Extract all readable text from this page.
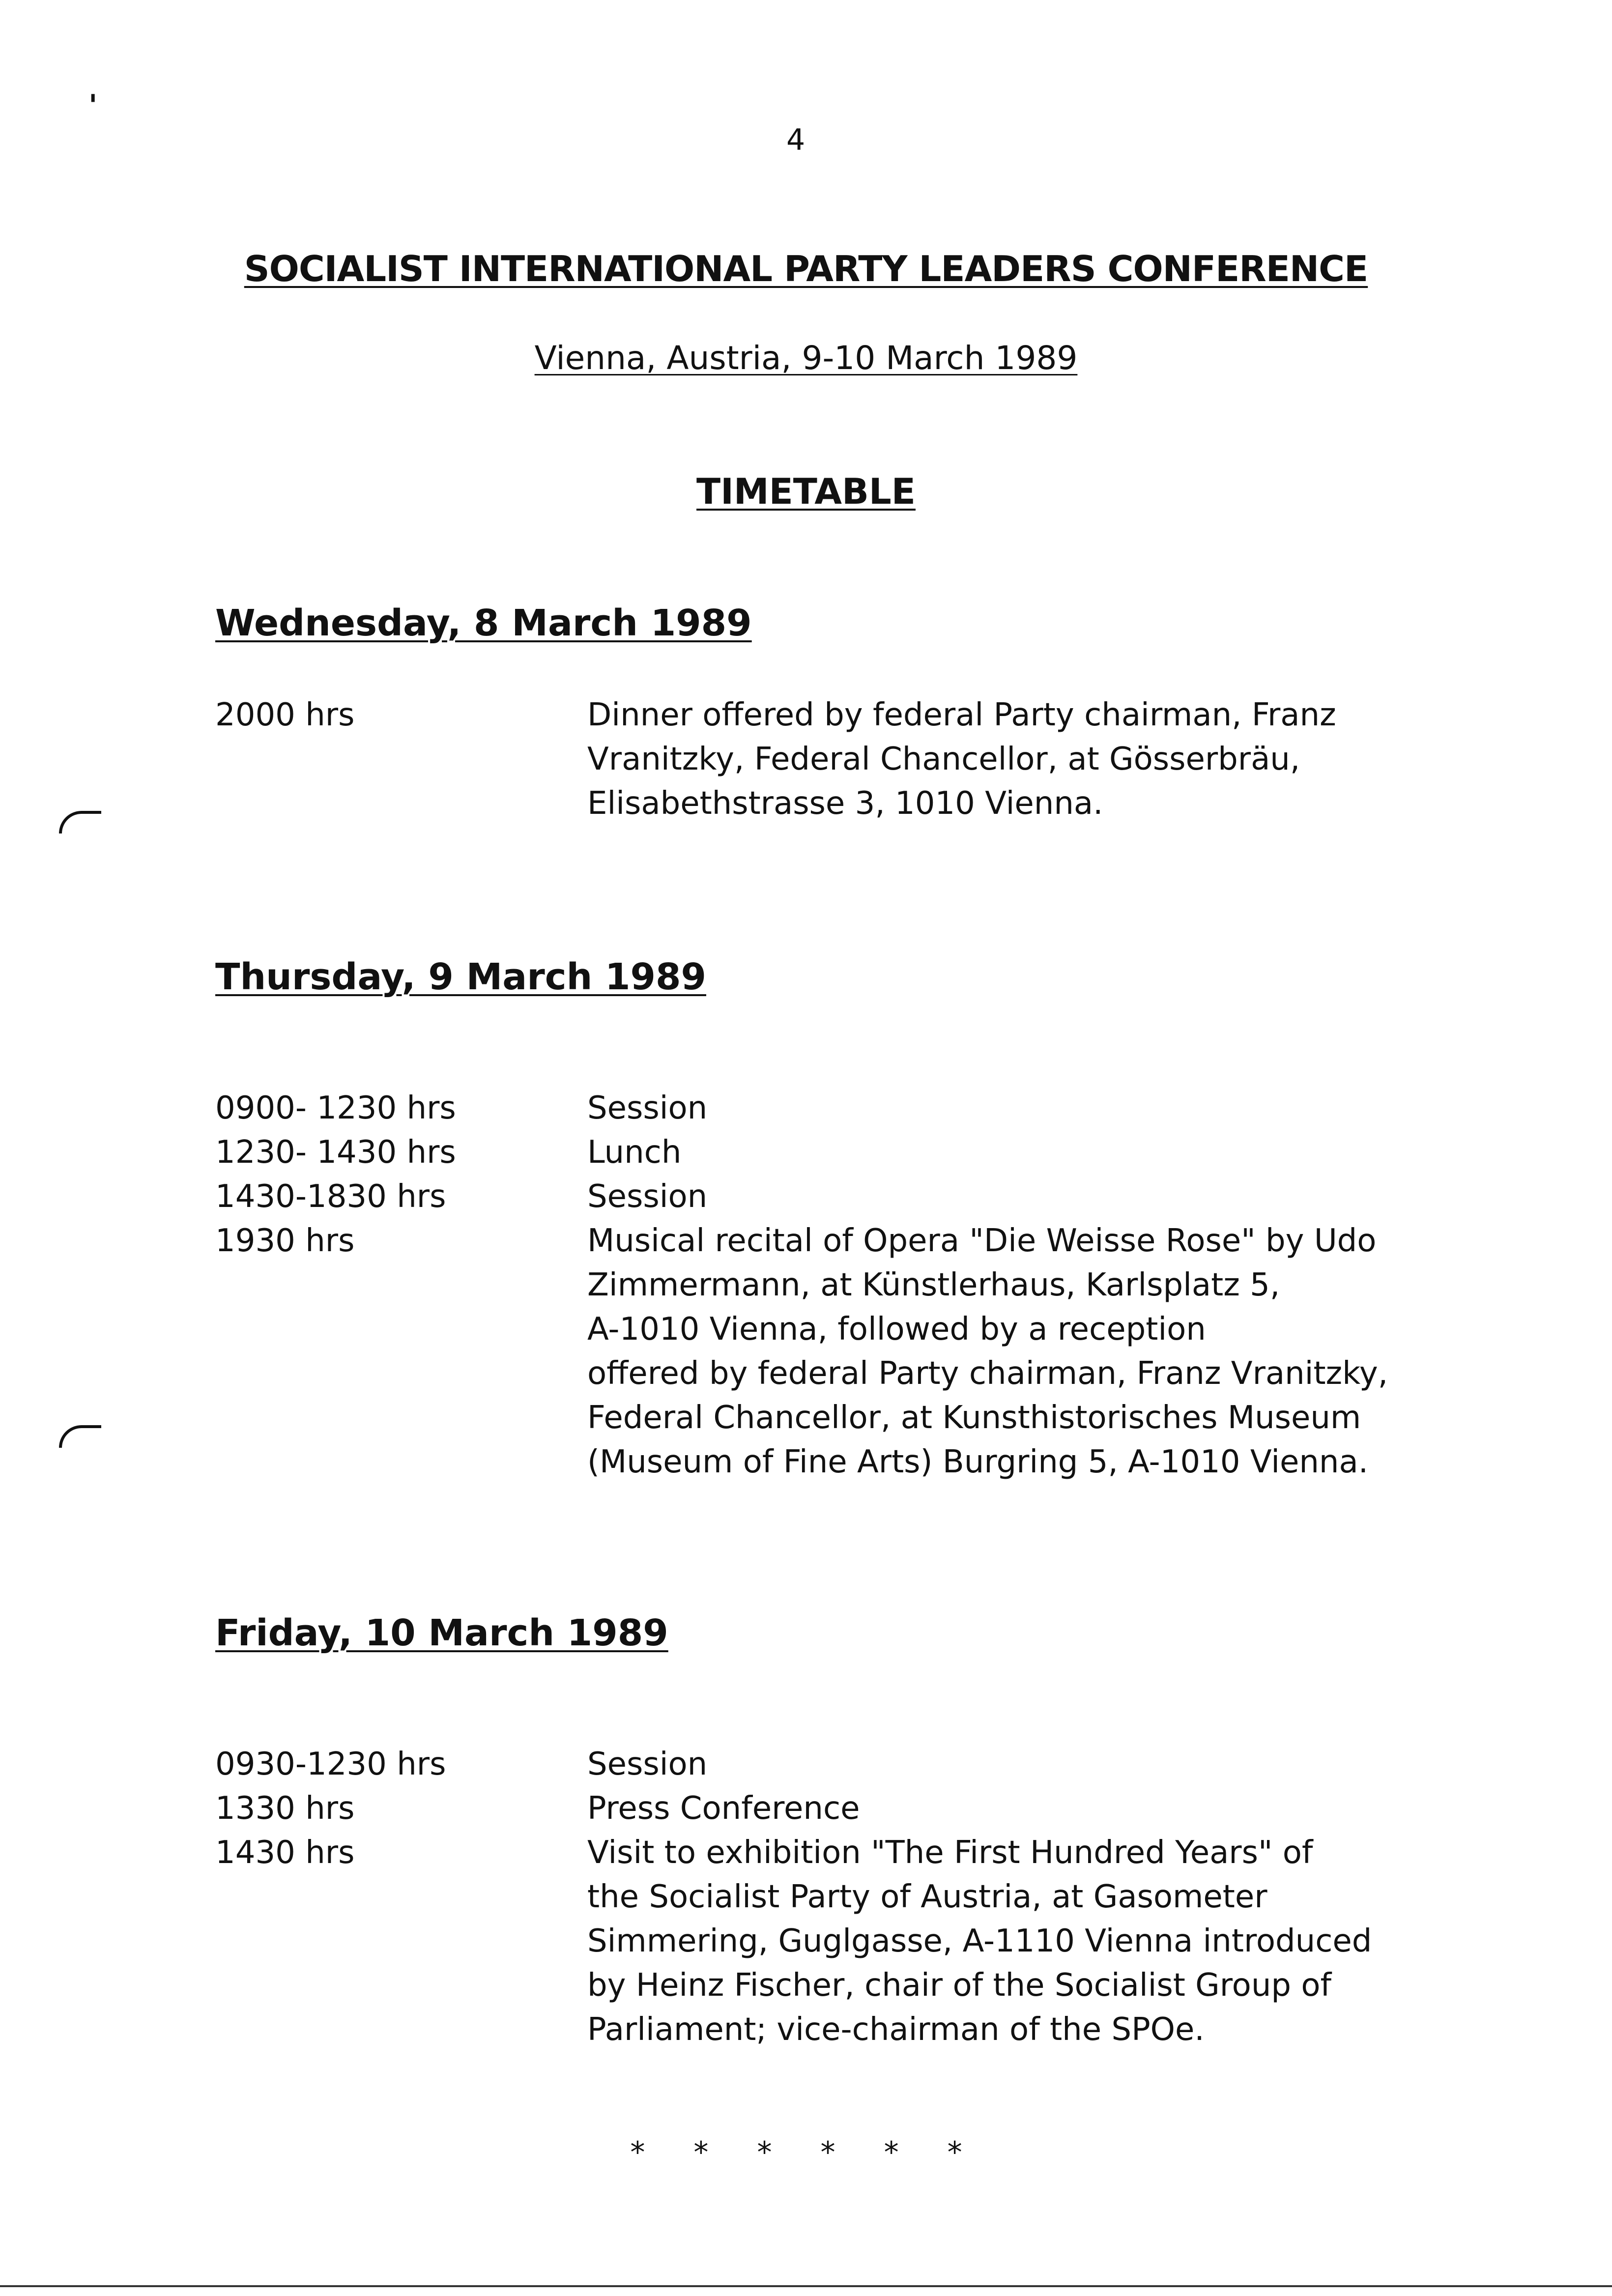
'
4
SOCIALIST INTERNATIONAL PARTY LEADERS CONFERENCE
Vienna, Austria, 9-10 March 1989
TIMETABLE
Wednesday, 8 March 1989
2000 hrs	Dinner offered by federal Party chairman, Franz
Vranitzky, Federal Chancellor, at Gösserbräu,
Elisabethstrasse 3, 1010 Vienna.
Thursday, 9 March 1989
0900- 1230 hrs	Session
1230- 1430 hrs	Lunch
1430-1830 hrs	Session
1930 hrs	Musical recital of Opera "Die Weisse Rose" by Udo
Zimmermann, at Künstlerhaus, Karlsplatz 5,
A-1010 Vienna, followed by a reception
offered by federal Party chairman, Franz Vranitzky,
Federal Chancellor, at Kunsthistorisches Museum
(Museum of Fine Arts) Burgring 5, A-1010 Vienna.
Friday, 10 March 1989
0930-1230 hrs	Session
1330 hrs	Press Conference
1430 hrs	Visit to exhibition "The First Hundred Years" of
the Socialist Party of Austria, at Gasometer
Simmering, Guglgasse, A-1110 Vienna introduced
by Heinz Fischer, chair of the Socialist Group of
Parliament; vice-chairman of the SPOe.
* * * * * *
